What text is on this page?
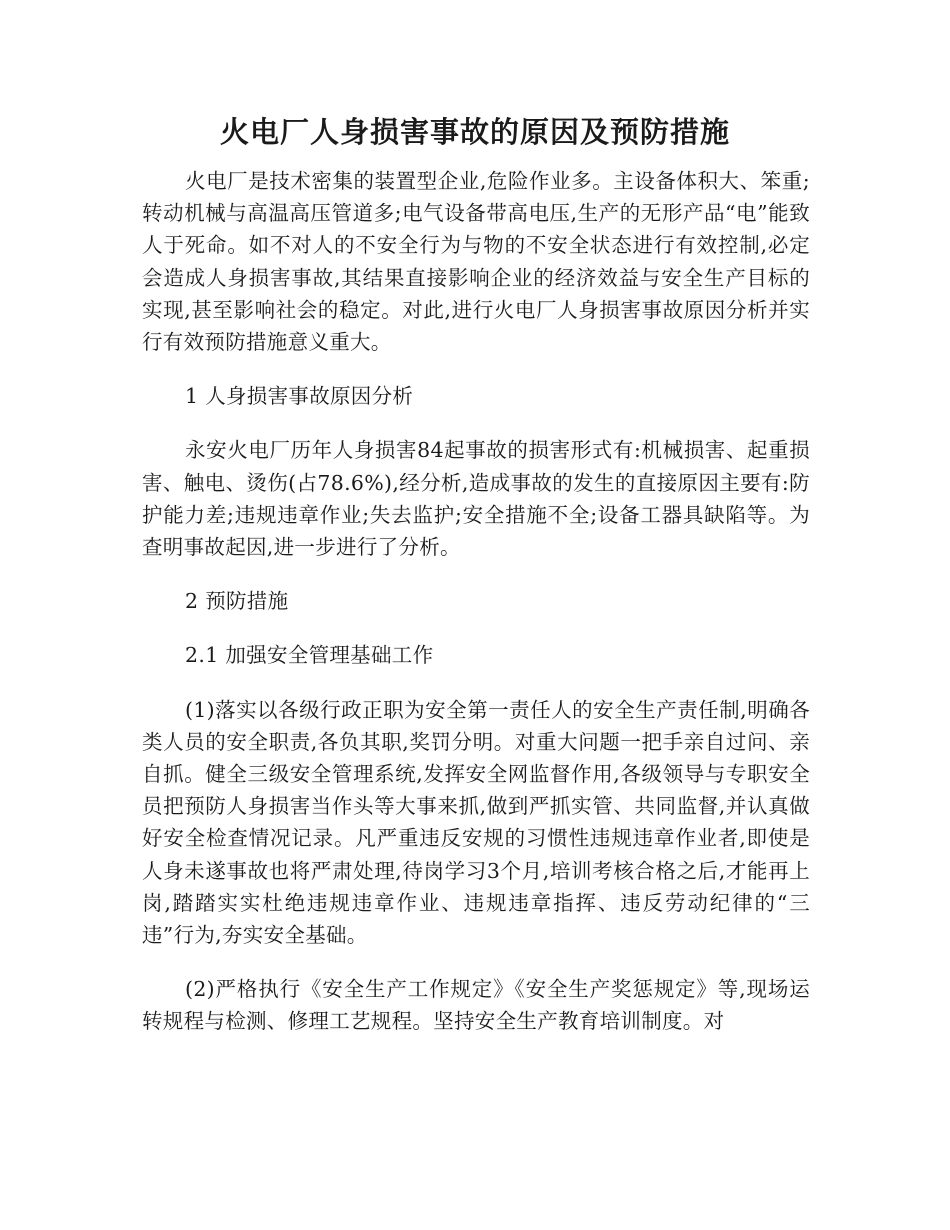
火电厂人身损害事故的原因及预防措施

火电厂是技术密集的装置型企业,危险作业多。主设备体积大、笨重;转动机械与高温高压管道多;电气设备带高电压,生产的无形产品“电”能致人于死命。如不对人的不安全行为与物的不安全状态进行有效控制,必定会造成人身损害事故,其结果直接影响企业的经济效益与安全生产目标的实现,甚至影响社会的稳定。对此,进行火电厂人身损害事故原因分析并实行有效预防措施意义重大。

1 人身损害事故原因分析

永安火电厂历年人身损害84起事故的损害形式有:机械损害、起重损害、触电、烫伤(占78.6%),经分析,造成事故的发生的直接原因主要有:防护能力差;违规违章作业;失去监护;安全措施不全;设备工器具缺陷等。为查明事故起因,进一步进行了分析。

2 预防措施

2.1 加强安全管理基础工作

(1)落实以各级行政正职为安全第一责任人的安全生产责任制,明确各类人员的安全职责,各负其职,奖罚分明。对重大问题一把手亲自过问、亲自抓。健全三级安全管理系统,发挥安全网监督作用,各级领导与专职安全员把预防人身损害当作头等大事来抓,做到严抓实管、共同监督,并认真做好安全检查情况记录。凡严重违反安规的习惯性违规违章作业者,即使是人身未遂事故也将严肃处理,待岗学习3个月,培训考核合格之后,才能再上岗,踏踏实实杜绝违规违章作业、违规违章指挥、违反劳动纪律的“三违”行为,夯实安全基础。

(2)严格执行《安全生产工作规定》《安全生产奖惩规定》等,现场运转规程与检测、修理工艺规程。坚持安全生产教育培训制度。对
